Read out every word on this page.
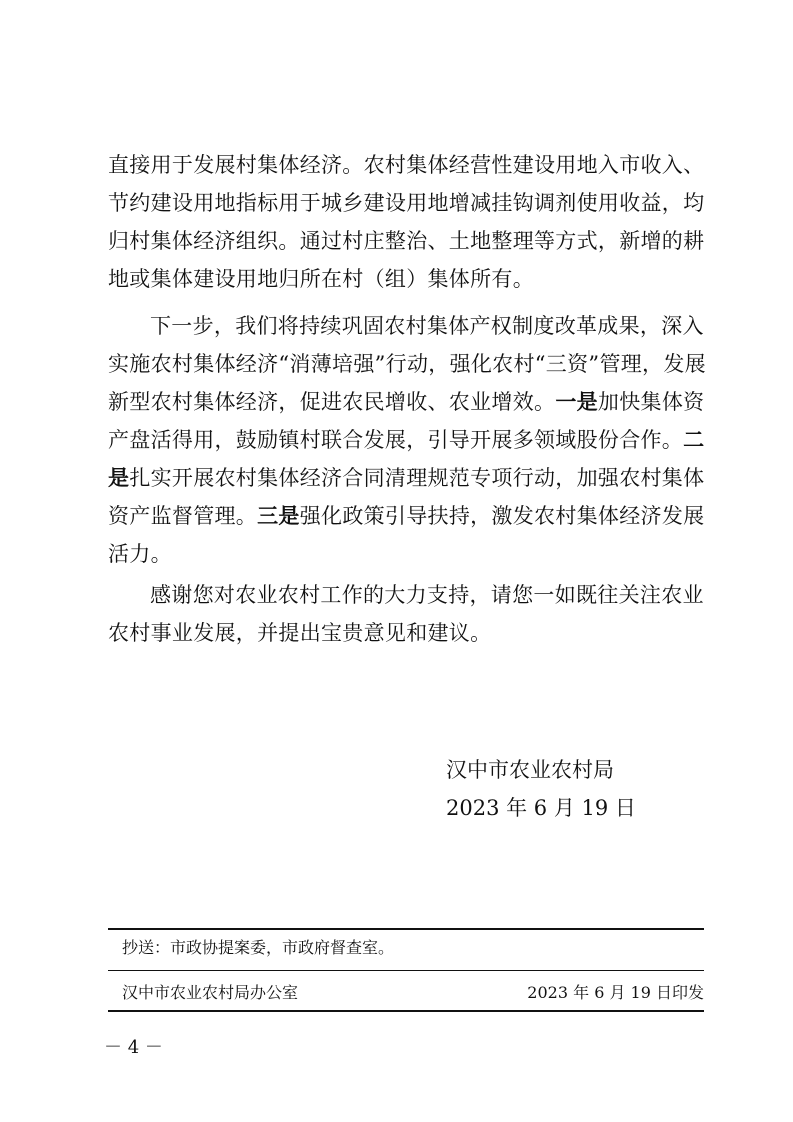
直接用于发展村集体经济。农村集体经营性建设用地入市收入、
节约建设用地指标用于城乡建设用地增减挂钩调剂使用收益，均
归村集体经济组织。通过村庄整治、土地整理等方式，新增的耕
地或集体建设用地归所在村（组）集体所有。
下一步，我们将持续巩固农村集体产权制度改革成果，深入
实施农村集体经济“消薄培强”行动，强化农村“三资”管理，发展
新型农村集体经济，促进农民增收、农业增效。一是加快集体资
产盘活得用，鼓励镇村联合发展，引导开展多领域股份合作。二
是扎实开展农村集体经济合同清理规范专项行动，加强农村集体
资产监督管理。三是强化政策引导扶持，激发农村集体经济发展
活力。
感谢您对农业农村工作的大力支持，请您一如既往关注农业
农村事业发展，并提出宝贵意见和建议。
汉中市农业农村局
2023 年 6 月 19 日
抄送：市政协提案委，市政府督查室。
汉中市农业农村局办公室	2023 年 6 月 19 日印发
－ 4 －
